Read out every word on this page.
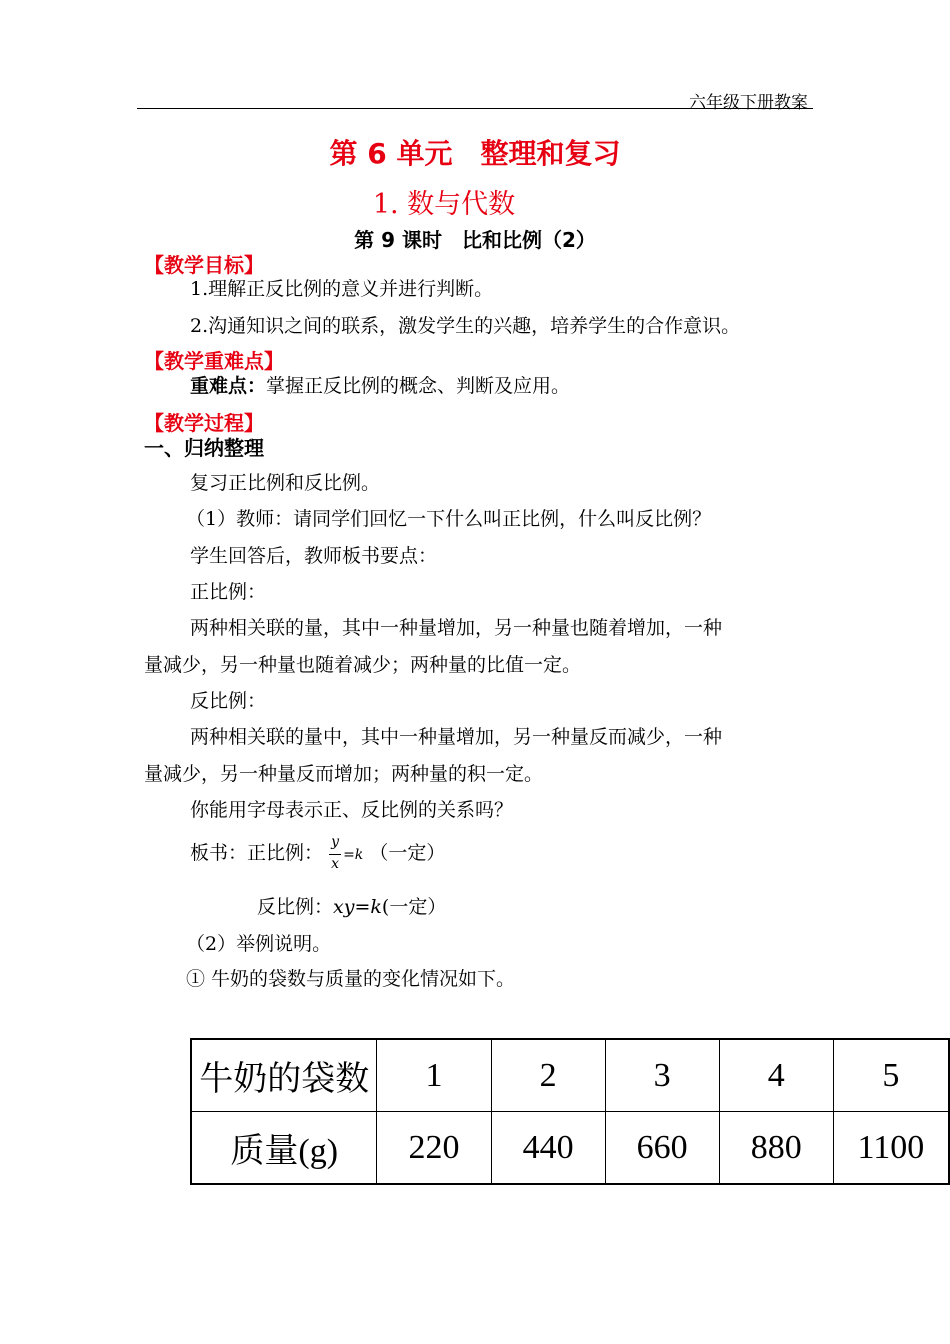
六年级下册教案
第 6 单元　整理和复习
1. 数与代数
第 9 课时　比和比例（2）
【教学目标】
1.理解正反比例的意义并进行判断。
2.沟通知识之间的联系，激发学生的兴趣，培养学生的合作意识。
【教学重难点】
重难点：掌握正反比例的概念、判断及应用。
【教学过程】
一、归纳整理
复习正比例和反比例。
（1）教师：请同学们回忆一下什么叫正比例，什么叫反比例？
学生回答后，教师板书要点：
正比例：
两种相关联的量，其中一种量增加，另一种量也随着增加，一种
量减少，另一种量也随着减少；两种量的比值一定。
反比例：
两种相关联的量中，其中一种量增加，另一种量反而减少，一种
量减少，另一种量反而增加；两种量的积一定。
你能用字母表示正、反比例的关系吗？
板书：正比例： $\frac{y}{x} =k$ （一定）
反比例：xy=k(一定）
（2）举例说明。
① 牛奶的袋数与质量的变化情况如下。
牛奶的袋数	1	2	3	4	5
质量(g)	220	440	660	880	1100
